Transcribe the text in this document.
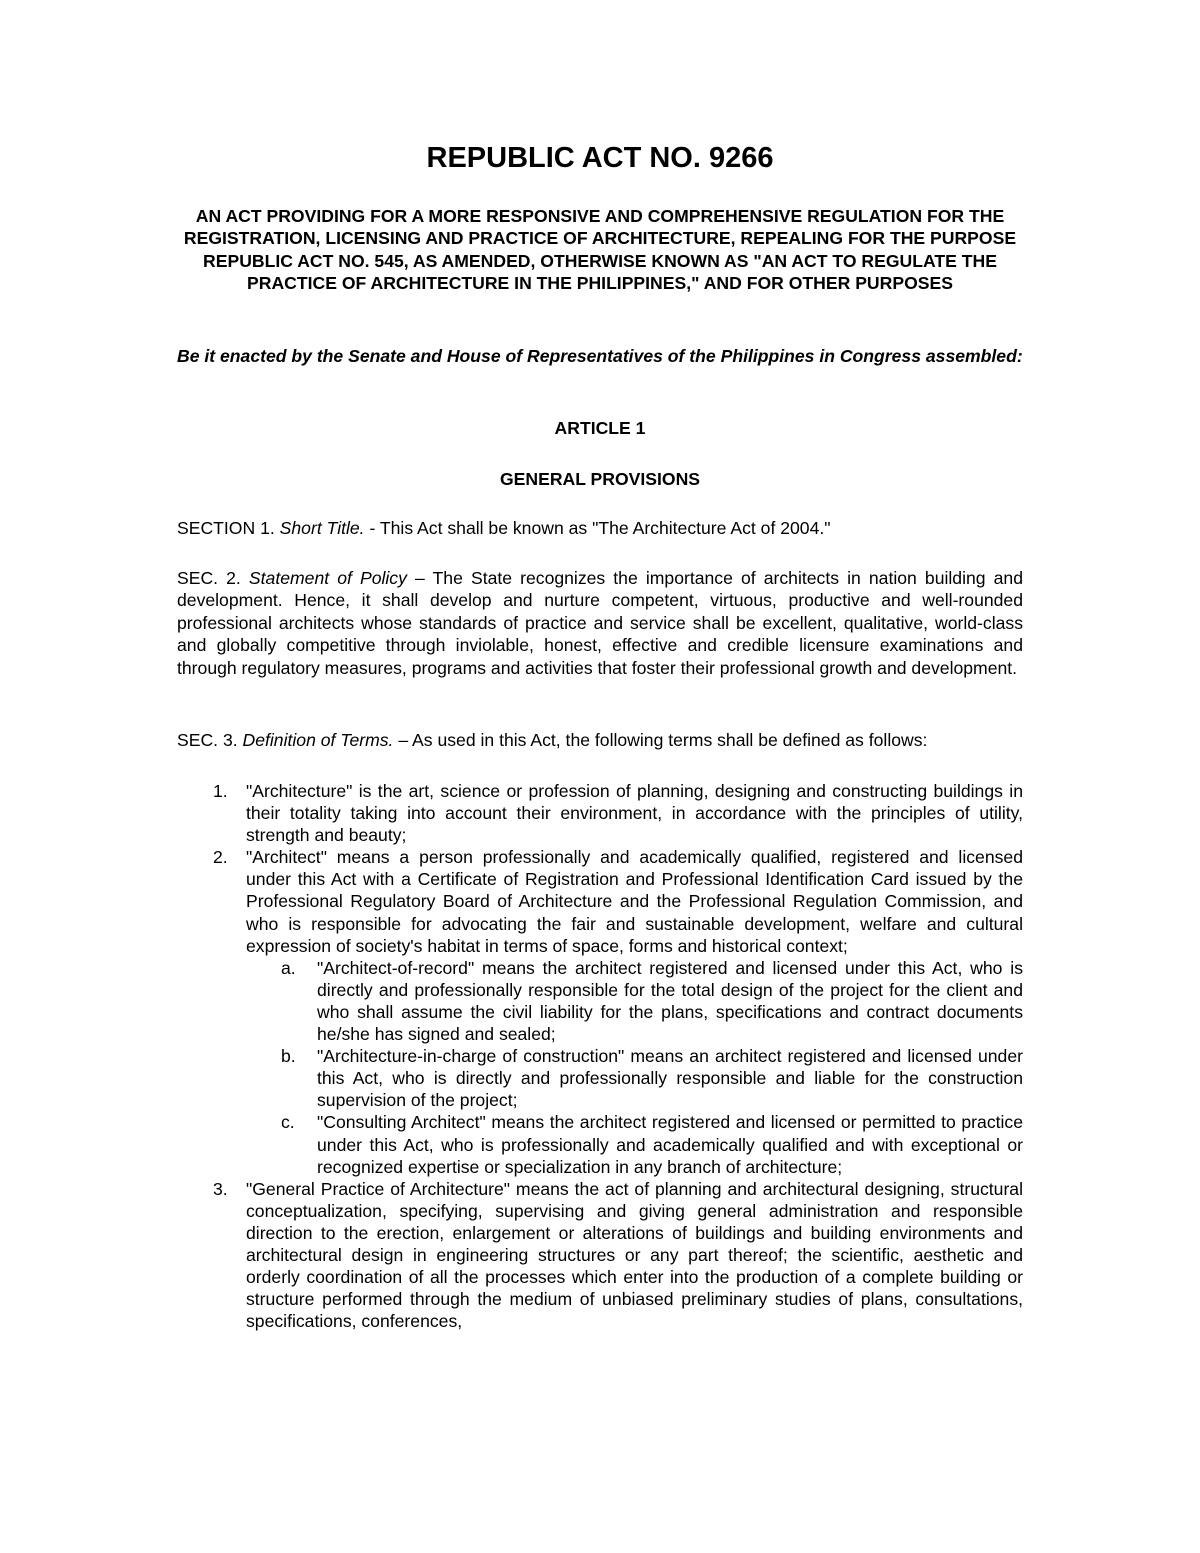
REPUBLIC ACT NO. 9266

AN ACT PROVIDING FOR A MORE RESPONSIVE AND COMPREHENSIVE REGULATION FOR THE REGISTRATION, LICENSING AND PRACTICE OF ARCHITECTURE, REPEALING FOR THE PURPOSE REPUBLIC ACT NO. 545, AS AMENDED, OTHERWISE KNOWN AS "AN ACT TO REGULATE THE PRACTICE OF ARCHITECTURE IN THE PHILIPPINES," AND FOR OTHER PURPOSES

Be it enacted by the Senate and House of Representatives of the Philippines in Congress assembled:

ARTICLE 1

GENERAL PROVISIONS

SECTION 1. Short Title. - This Act shall be known as "The Architecture Act of 2004."

SEC. 2. Statement of Policy – The State recognizes the importance of architects in nation building and development. Hence, it shall develop and nurture competent, virtuous, productive and well-rounded professional architects whose standards of practice and service shall be excellent, qualitative, world-class and globally competitive through inviolable, honest, effective and credible licensure examinations and through regulatory measures, programs and activities that foster their professional growth and development.

SEC. 3. Definition of Terms. – As used in this Act, the following terms shall be defined as follows:

1. "Architecture" is the art, science or profession of planning, designing and constructing buildings in their totality taking into account their environment, in accordance with the principles of utility, strength and beauty;
2. "Architect" means a person professionally and academically qualified, registered and licensed under this Act with a Certificate of Registration and Professional Identification Card issued by the Professional Regulatory Board of Architecture and the Professional Regulation Commission, and who is responsible for advocating the fair and sustainable development, welfare and cultural expression of society's habitat in terms of space, forms and historical context;
a. "Architect-of-record" means the architect registered and licensed under this Act, who is directly and professionally responsible for the total design of the project for the client and who shall assume the civil liability for the plans, specifications and contract documents he/she has signed and sealed;
b. "Architecture-in-charge of construction" means an architect registered and licensed under this Act, who is directly and professionally responsible and liable for the construction supervision of the project;
c. "Consulting Architect" means the architect registered and licensed or permitted to practice under this Act, who is professionally and academically qualified and with exceptional or recognized expertise or specialization in any branch of architecture;
3. "General Practice of Architecture" means the act of planning and architectural designing, structural conceptualization, specifying, supervising and giving general administration and responsible direction to the erection, enlargement or alterations of buildings and building environments and architectural design in engineering structures or any part thereof; the scientific, aesthetic and orderly coordination of all the processes which enter into the production of a complete building or structure performed through the medium of unbiased preliminary studies of plans, consultations, specifications, conferences,
